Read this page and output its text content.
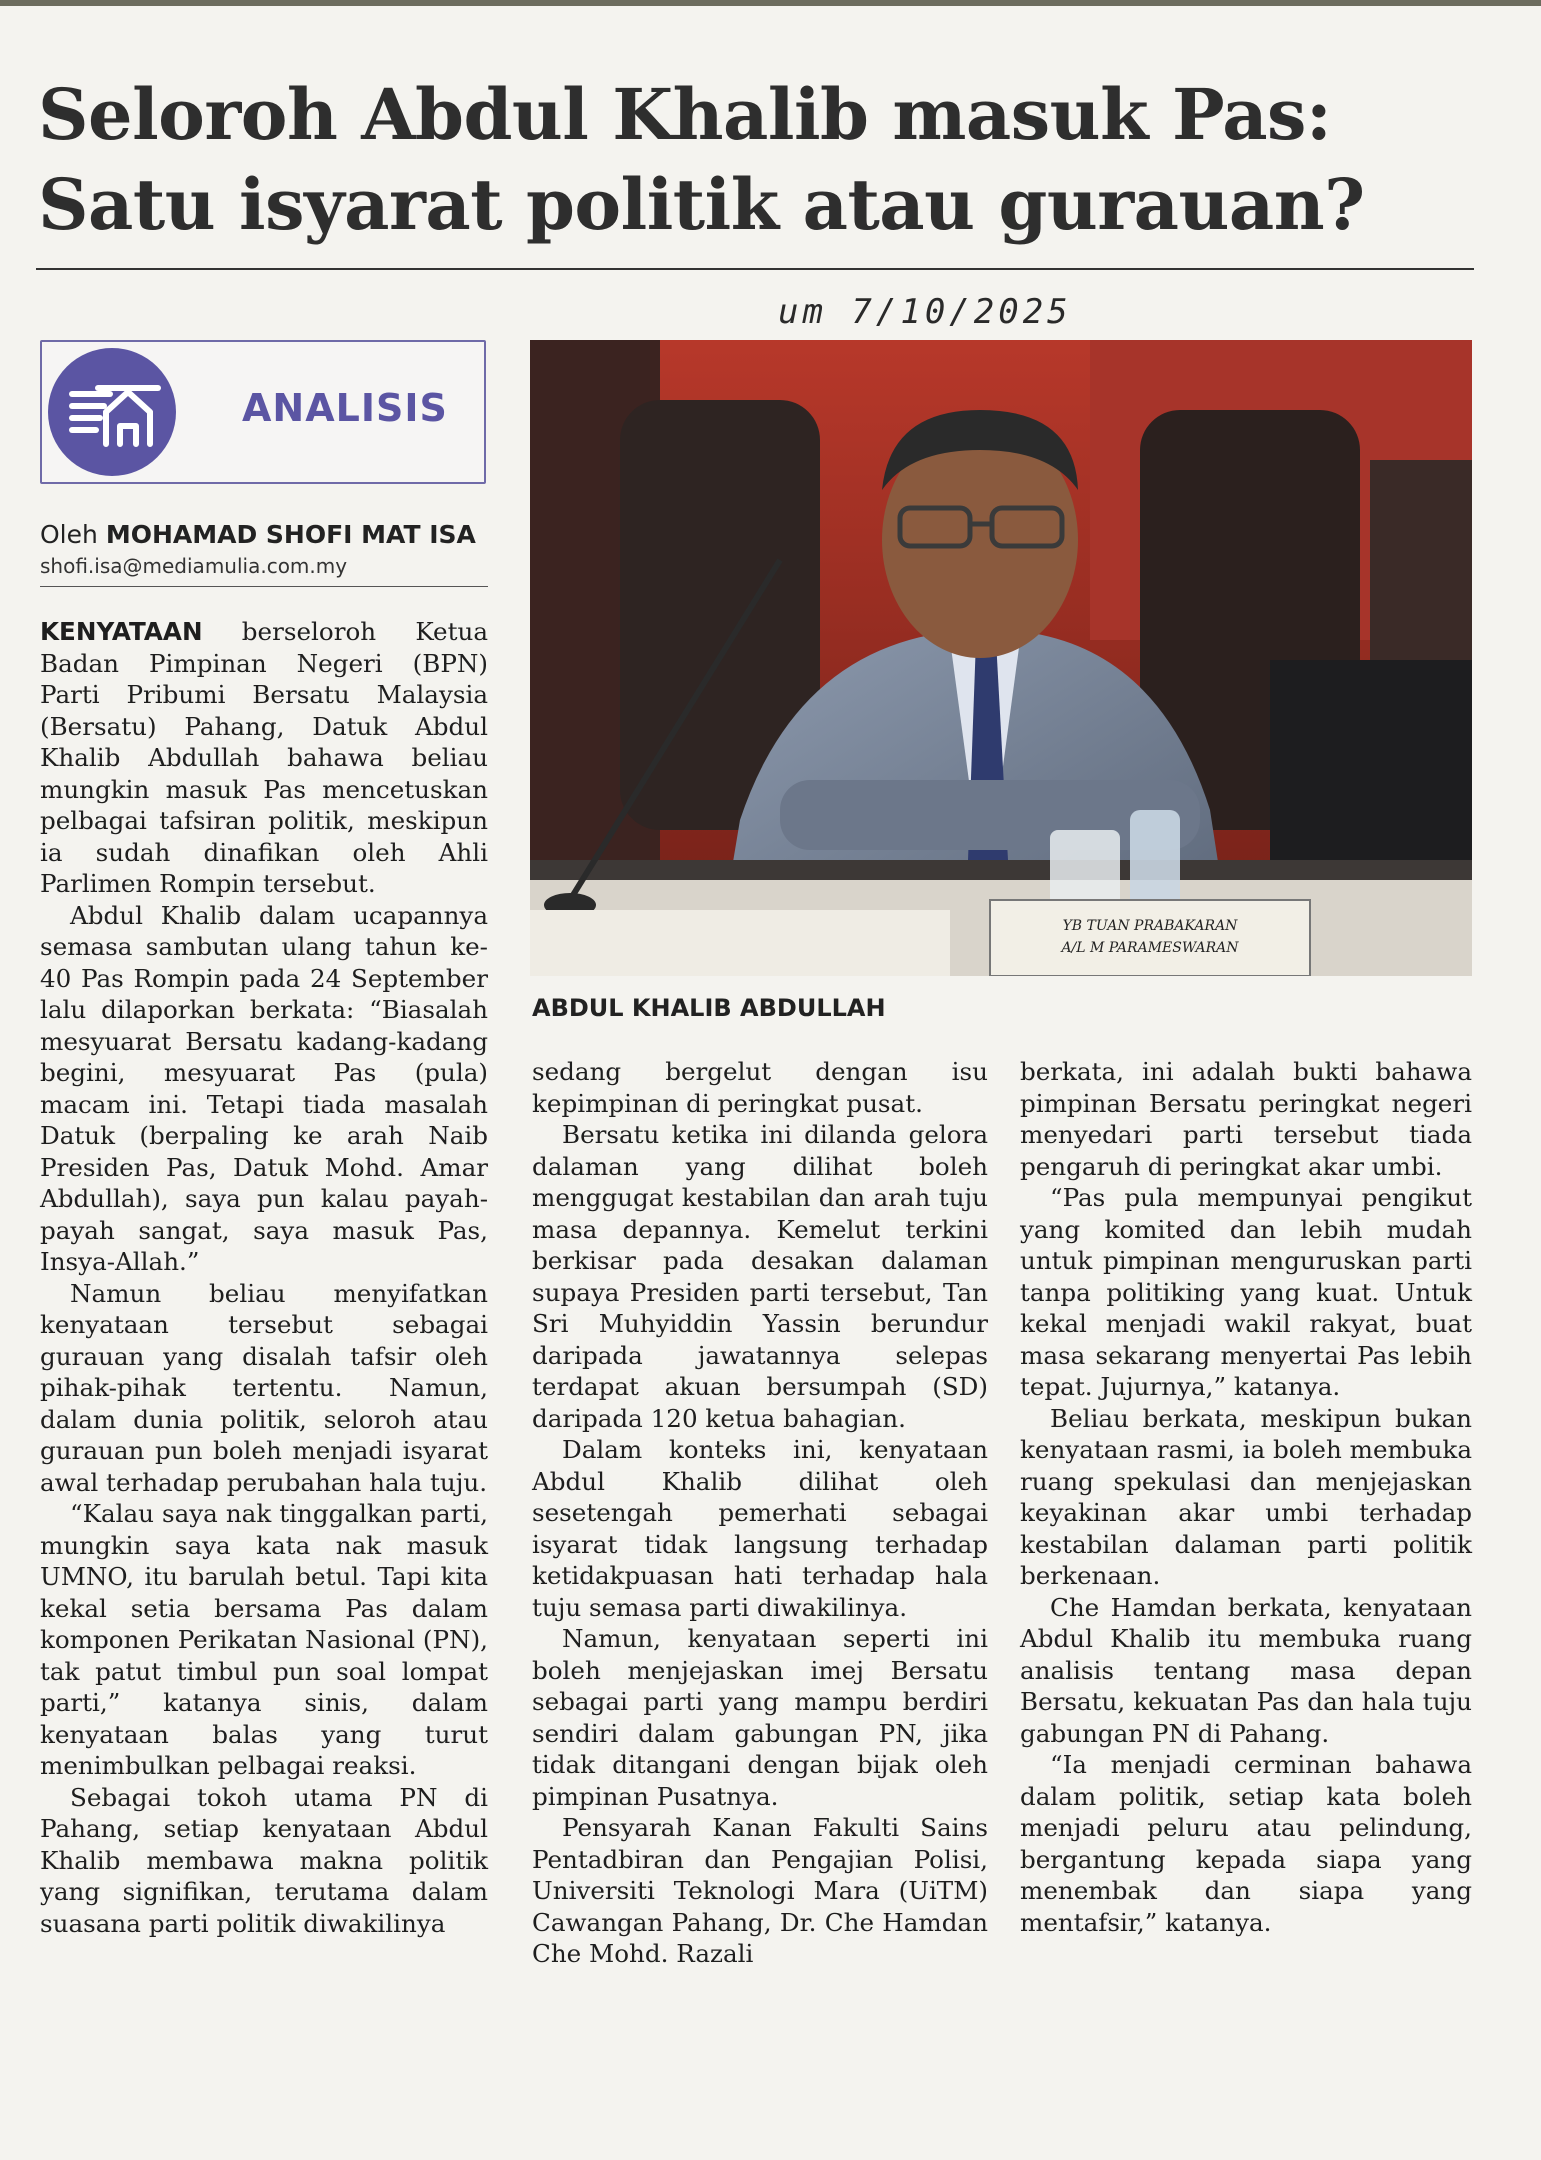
Seloroh Abdul Khalib masuk Pas:
Satu isyarat politik atau gurauan?
um 7/10/2025
ANALISIS
Oleh MOHAMAD SHOFI MAT ISA
shofi.isa@mediamulia.com.my
YB TUAN PRABAKARAN
A/L M PARAMESWARAN
ABDUL KHALIB ABDULLAH

KENYATAAN berseloroh Ketua Badan Pimpinan Negeri (BPN) Parti Pribumi Bersatu Malaysia (Bersatu) Pahang, Datuk Abdul Khalib Abdullah bahawa beliau mungkin masuk Pas mencetuskan pelbagai tafsiran politik, meskipun ia sudah dinafikan oleh Ahli Parlimen Rompin tersebut.

Abdul Khalib dalam ucapannya semasa sambutan ulang tahun ke-40 Pas Rompin pada 24 September lalu dilaporkan berkata: “Biasalah mesyuarat Bersatu kadang-kadang begini, mesyuarat Pas (pula) macam ini. Tetapi tiada masalah Datuk (berpaling ke arah Naib Presiden Pas, Datuk Mohd. Amar Abdullah), saya pun kalau payah-payah sangat, saya masuk Pas, Insya-Allah.”

Namun beliau menyifatkan kenyataan tersebut sebagai gurauan yang disalah tafsir oleh pihak-pihak tertentu. Namun, dalam dunia politik, seloroh atau gurauan pun boleh menjadi isyarat awal terhadap perubahan hala tuju.

“Kalau saya nak tinggalkan parti, mungkin saya kata nak masuk UMNO, itu barulah betul. Tapi kita kekal setia bersama Pas dalam komponen Perikatan Nasional (PN), tak patut timbul pun soal lompat parti,” katanya sinis, dalam kenyataan balas yang turut menimbulkan pelbagai reaksi.

Sebagai tokoh utama PN di Pahang, setiap kenyataan Abdul Khalib membawa makna politik yang signifikan, terutama dalam suasana parti politik diwakilinya

sedang bergelut dengan isu kepimpinan di peringkat pusat.

Bersatu ketika ini dilanda gelora dalaman yang dilihat boleh menggugat kestabilan dan arah tuju masa depannya. Kemelut terkini berkisar pada desakan dalaman supaya Presiden parti tersebut, Tan Sri Muhyiddin Yassin berundur daripada jawatannya selepas terdapat akuan bersumpah (SD) daripada 120 ketua bahagian.

Dalam konteks ini, kenyataan Abdul Khalib dilihat oleh sesetengah pemerhati sebagai isyarat tidak langsung terhadap ketidakpuasan hati terhadap hala tuju semasa parti diwakilinya.

Namun, kenyataan seperti ini boleh menjejaskan imej Bersatu sebagai parti yang mampu berdiri sendiri dalam gabungan PN, jika tidak ditangani dengan bijak oleh pimpinan Pusatnya.

Pensyarah Kanan Fakulti Sains Pentadbiran dan Pengajian Polisi, Universiti Teknologi Mara (UiTM) Cawangan Pahang, Dr. Che Hamdan Che Mohd. Razali

berkata, ini adalah bukti bahawa pimpinan Bersatu peringkat negeri menyedari parti tersebut tiada pengaruh di peringkat akar umbi.

“Pas pula mempunyai pengikut yang komited dan lebih mudah untuk pimpinan menguruskan parti tanpa politiking yang kuat. Untuk kekal menjadi wakil rakyat, buat masa sekarang menyertai Pas lebih tepat. Jujurnya,” katanya.

Beliau berkata, meskipun bukan kenyataan rasmi, ia boleh membuka ruang spekulasi dan menjejaskan keyakinan akar umbi terhadap kestabilan dalaman parti politik berkenaan.

Che Hamdan berkata, kenyataan Abdul Khalib itu membuka ruang analisis tentang masa depan Bersatu, kekuatan Pas dan hala tuju gabungan PN di Pahang.

“Ia menjadi cerminan bahawa dalam politik, setiap kata boleh menjadi peluru atau pelindung, bergantung kepada siapa yang menembak dan siapa yang mentafsir,” katanya.
